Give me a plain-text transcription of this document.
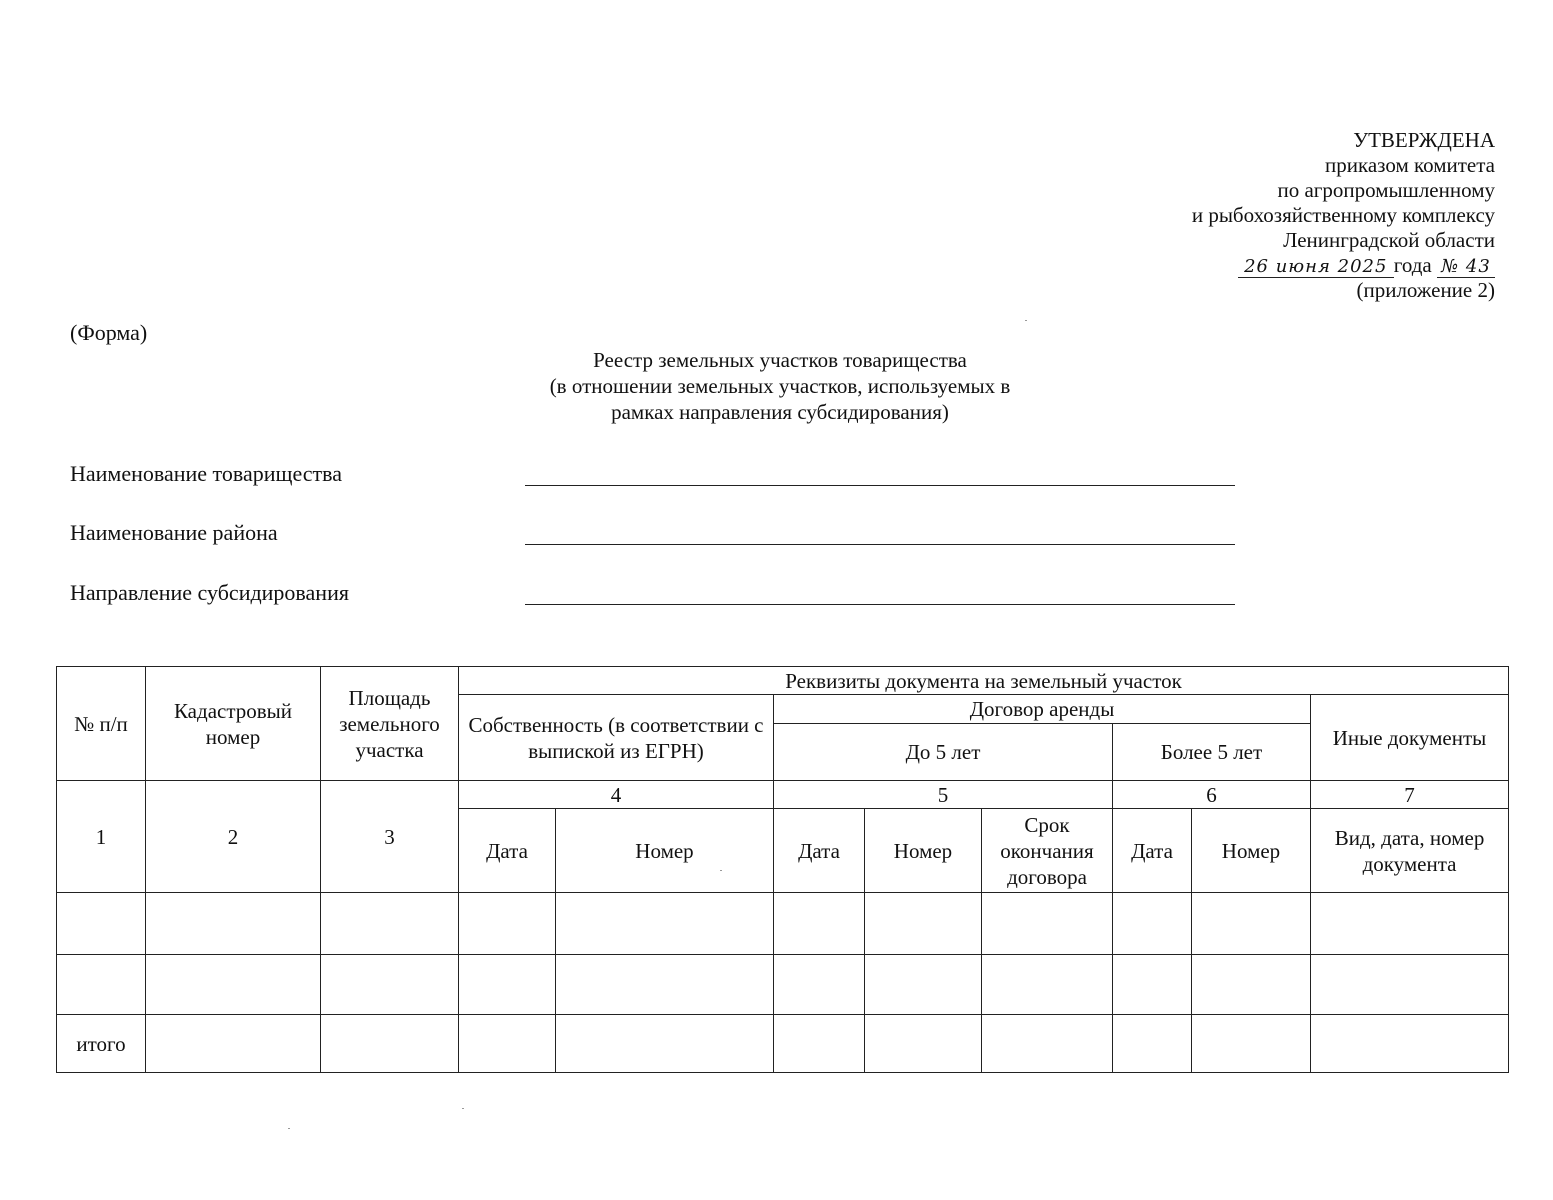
УТВЕРЖДЕНА
приказом комитета
по агропромышленному
и рыбохозяйственному комплексу
Ленинградской области
26 июня 2025 года № 43
(приложение 2)
(Форма)
Реестр земельных участков товарищества
(в отношении земельных участков, используемых в
рамках направления субсидирования)
Наименование товарищества
Наименование района
Направление субсидирования
№ п/п	Кадастровый номер	Площадь земельного участка	Реквизиты документа на земельный участок							
			Собственность (в соответствии с выпиской из ЕГРН)		Договор аренды					Иные документы
					До 5 лет			Более 5 лет		
1	2	3	4		5			6		7
			Дата	Номер	Дата	Номер	Срок окончания договора	Дата	Номер	Вид, дата, номер документа

итого										
